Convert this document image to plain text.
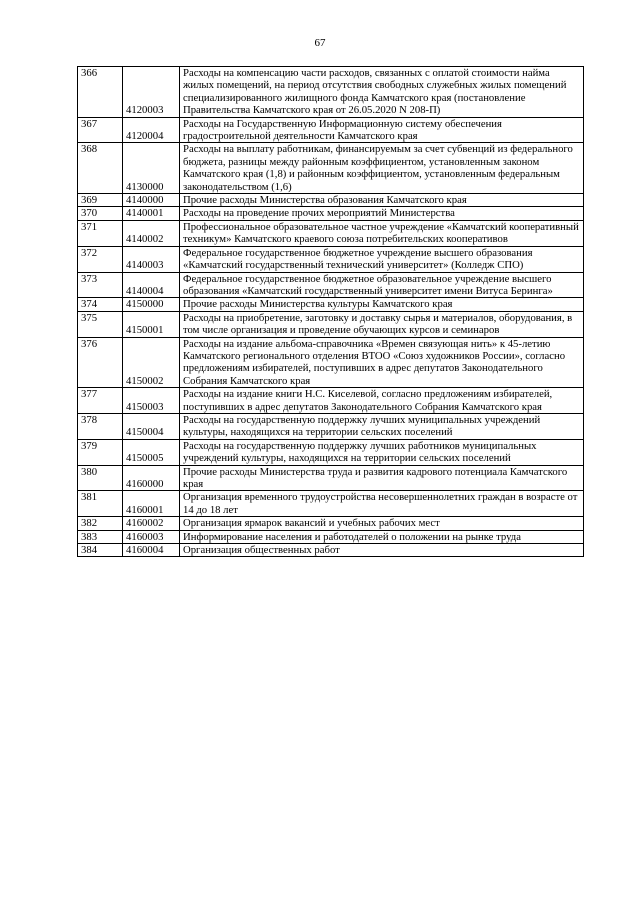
67
366	4120003	Расходы на компенсацию части расходов, связанных с оплатой стоимости найма жилых помещений, на период отсутствия свободных служебных жилых помещений специализированного жилищного фонда Камчатского края (постановление Правительства Камчатского края от 26.05.2020 N 208-П)
367	4120004	Расходы на Государственную Информационную систему обеспечения градостроительной деятельности Камчатского края
368	4130000	Расходы на выплату работникам, финансируемым за счет субвенций из федерального бюджета, разницы между районным коэффициентом, установленным законом Камчатского края (1,8) и районным коэффициентом, установленным федеральным законодательством (1,6)
369	4140000	Прочие расходы Министерства образования Камчатского края
370	4140001	Расходы на проведение прочих мероприятий Министерства
371	4140002	Профессиональное образовательное частное учреждение «Камчатский кооперативный техникум» Камчатского краевого союза потребительских кооперативов
372	4140003	Федеральное государственное бюджетное учреждение высшего образования «Камчатский государственный технический университет» (Колледж СПО)
373	4140004	Федеральное государственное бюджетное образовательное учреждение высшего образования «Камчатский государственный университет имени Витуса Беринга»
374	4150000	Прочие расходы Министерства культуры Камчатского края
375	4150001	Расходы на приобретение, заготовку и доставку сырья и материалов, оборудования, в том числе организация и проведение обучающих курсов и семинаров
376	4150002	Расходы на издание альбома-справочника «Времен связующая нить» к 45-летию Камчатского регионального отделения ВТОО «Союз художников России», согласно предложениям избирателей, поступивших в адрес депутатов Законодательного Собрания Камчатского края
377	4150003	Расходы на издание книги Н.С. Киселевой, согласно предложениям избирателей, поступивших в адрес депутатов Законодательного Собрания Камчатского края
378	4150004	Расходы на государственную поддержку лучших муниципальных учреждений культуры, находящихся на территории сельских поселений
379	4150005	Расходы на государственную поддержку лучших работников муниципальных учреждений культуры, находящихся на территории сельских поселений
380	4160000	Прочие расходы Министерства труда и развития кадрового потенциала Камчатского края
381	4160001	Организация временного трудоустройства несовершеннолетних граждан в возрасте от 14 до 18 лет
382	4160002	Организация ярмарок вакансий и учебных рабочих мест
383	4160003	Информирование населения и работодателей о положении на рынке труда
384	4160004	Организация общественных работ
